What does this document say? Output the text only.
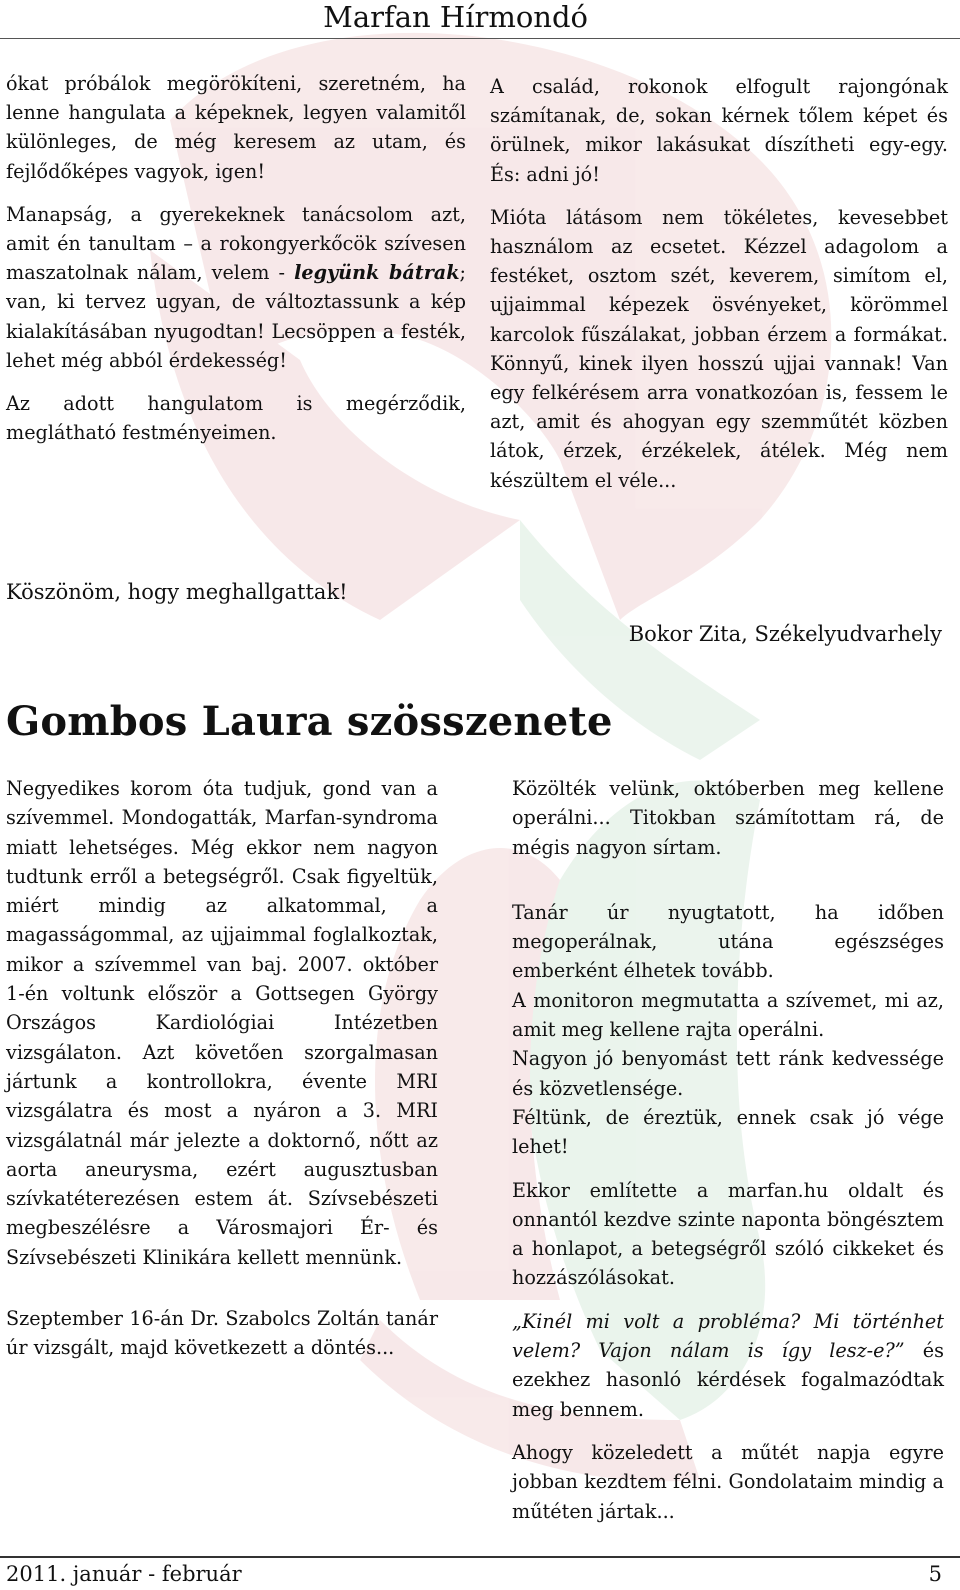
Marfan Hírmondó

ókat próbálok megörökíteni, szeretném, ha lenne hangulata a képeknek, legyen valamitől különleges, de még keresem az utam, és fejlődőképes vagyok, igen!

Manapság, a gyerekeknek tanácsolom azt, amit én tanultam – a rokongyerkőcök szívesen maszatolnak nálam, velem - legyünk bátrak; van, ki tervez ugyan, de változtassunk a kép kialakításában nyugodtan! Lecsöppen a festék, lehet még abból érdekesség!

Az adott hangulatom is megérződik, meglátható festményeimen.

A család, rokonok elfogult rajongónak számítanak, de, sokan kérnek tőlem képet és örülnek, mikor lakásukat díszítheti egy-egy. És: adni jó!

Mióta látásom nem tökéletes, kevesebbet használom az ecsetet. Kézzel adagolom a festéket, osztom szét, keverem, simítom el, ujjaimmal képezek ösvényeket, körömmel karcolok fűszálakat, jobban érzem a formákat. Könnyű, kinek ilyen hosszú ujjai vannak! Van egy felkérésem arra vonatkozóan is, fessem le azt, amit és ahogyan egy szemműtét közben látok, érzek, érzékelek, átélek. Még nem készültem el véle...

Köszönöm, hogy meghallgattak!
Bokor Zita, Székelyudvarhely
Gombos Laura szösszenete

Negyedikes korom óta tudjuk, gond van a szívemmel. Mondogatták, Marfan-syndroma miatt lehetséges. Még ekkor nem nagyon tudtunk erről a betegségről. Csak figyeltük, miért mindig az alkatommal, a magasságommal, az ujjaimmal foglalkoztak, mikor a szívemmel van baj. 2007. október 1-én voltunk először a Gottsegen György Országos Kardiológiai Intézetben vizsgálaton. Azt követően szorgalmasan jártunk a kontrollokra, évente MRI vizsgálatra és most a nyáron a 3. MRI vizsgálatnál már jelezte a doktornő, nőtt az aorta aneurysma, ezért augusztusban szívkatéterezésen estem át. Szívsebészeti megbeszélésre a Városmajori Ér- és Szívsebészeti Klinikára kellett mennünk.

Szeptember 16-án Dr. Szabolcs Zoltán tanár úr vizsgált, majd következett a döntés...

Közölték velünk, októberben meg kellene operálni... Titokban számítottam rá, de mégis nagyon sírtam.

Tanár úr nyugtatott, ha időben megoperálnak, utána egészséges emberként élhetek tovább.

A monitoron megmutatta a szívemet, mi az, amit meg kellene rajta operálni.

Nagyon jó benyomást tett ránk kedvessége és közvetlensége.

Féltünk, de éreztük, ennek csak jó vége lehet!

Ekkor említette a marfan.hu oldalt és onnantól kezdve szinte naponta böngésztem a honlapot, a betegségről szóló cikkeket és hozzászólásokat.

„Kinél mi volt a probléma? Mi történhet velem? Vajon nálam is így lesz-e?” és ezekhez hasonló kérdések fogalmazódtak meg bennem.

Ahogy közeledett a műtét napja egyre jobban kezdtem félni. Gondolataim mindig a műtéten jártak...

2011. január - február	5
